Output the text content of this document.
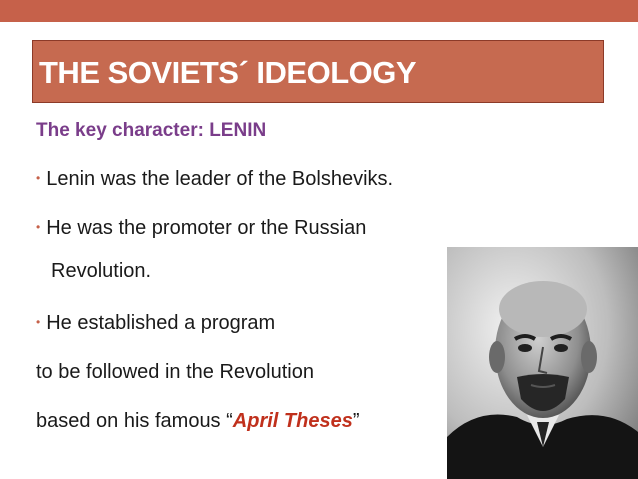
THE SOVIETS´ IDEOLOGY
The key character: LENIN
• Lenin was the leader of the Bolsheviks.
• He was the promoter or the Russian
Revolution.
• He established a program
to be followed in the Revolution
based on his famous “April Theses”
